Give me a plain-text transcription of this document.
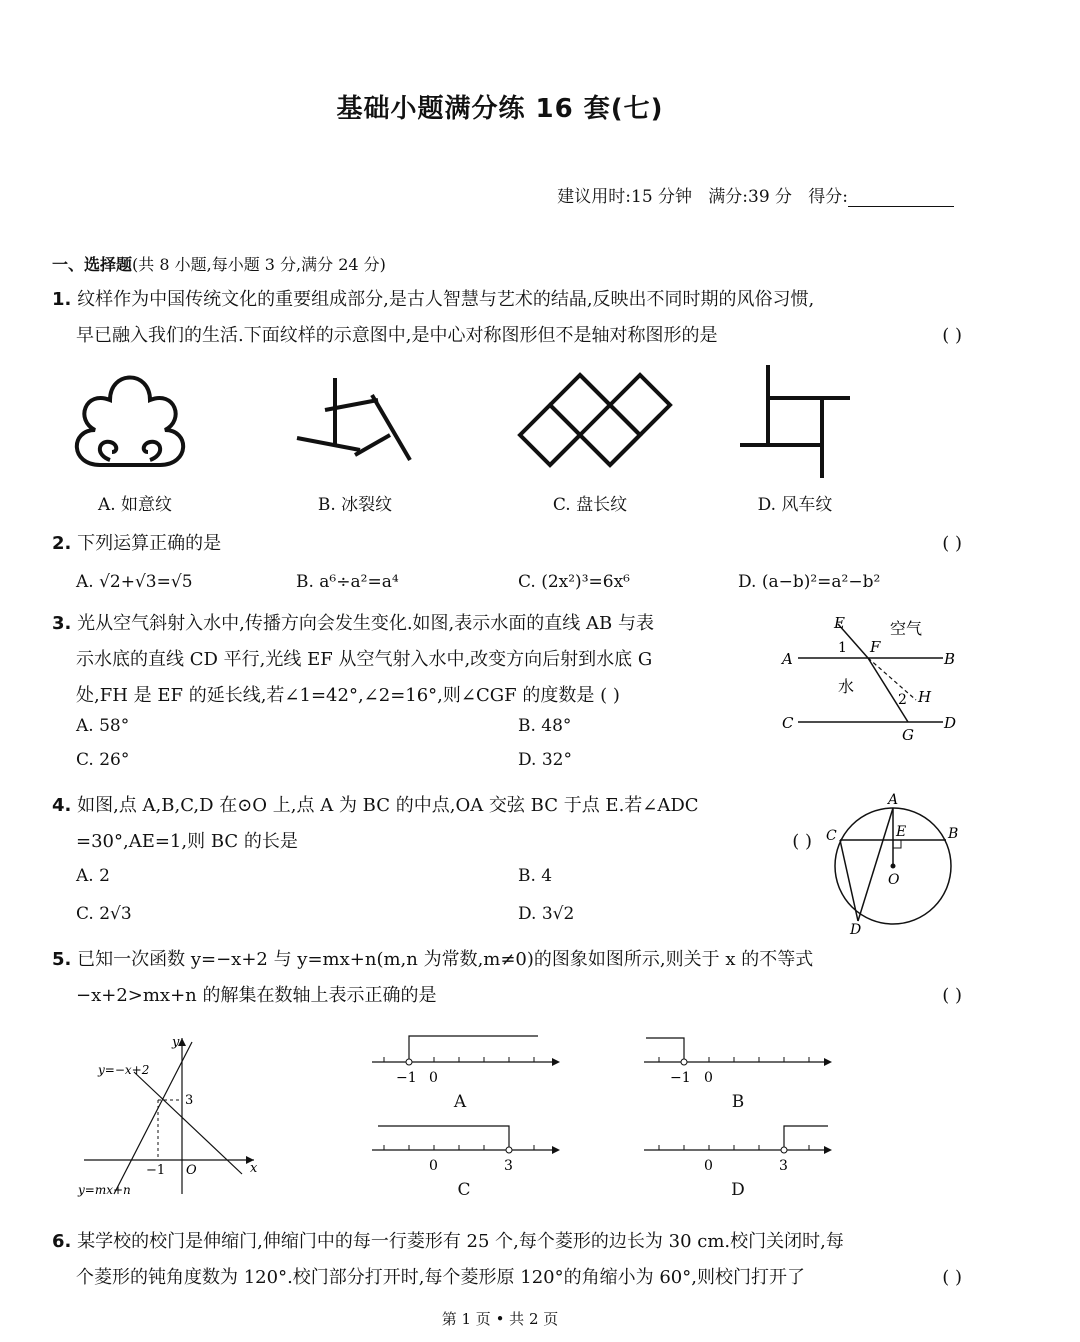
基础小题满分练 16 套(七)
建议用时:15 分钟 满分:39 分 得分:
一、选择题(共 8 小题,每小题 3 分,满分 24 分)
1. 纹样作为中国传统文化的重要组成部分,是古人智慧与艺术的结晶,反映出不同时期的风俗习惯,
早已融入我们的生活.下面纹样的示意图中,是中心对称图形但不是轴对称图形的是	( )
A. 如意纹	B. 冰裂纹	C. 盘长纹	D. 风车纹
2. 下列运算正确的是	( )
A. √2+√3=√5	B. a⁶÷a²=a⁴	C. (2x²)³=6x⁶	D. (a−b)²=a²−b²
3. 光从空气斜射入水中,传播方向会发生变化.如图,表示水面的直线 AB 与表
示水底的直线 CD 平行,光线 EF 从空气射入水中,改变方向后射到水底 G
处,FH 是 EF 的延长线,若∠1=42°,∠2=16°,则∠CGF 的度数是 ( )
A. 58°	B. 48°
C. 26°	D. 32°
E
F
A	B
C	D
G
H
1
2
空气
水
4. 如图,点 A,B,C,D 在⊙O 上,点 A 为 BC 的中点,OA 交弦 BC 于点 E.若∠ADC
=30°,AE=1,则 BC 的长是	( )
A. 2	B. 4
C. 2√3	D. 3√2
A
B
C
D
E
O
5. 已知一次函数 y=−x+2 与 y=mx+n(m,n 为常数,m≠0)的图象如图所示,则关于 x 的不等式
−x+2>mx+n 的解集在数轴上表示正确的是	( )
y
x
O
3
−1
y=−x+2
y=mx+n
−1 0
A
−1 0
B
0	3
C
0	3
D
6. 某学校的校门是伸缩门,伸缩门中的每一行菱形有 25 个,每个菱形的边长为 30 cm.校门关闭时,每
个菱形的钝角度数为 120°.校门部分打开时,每个菱形原 120°的角缩小为 60°,则校门打开了	( )
第 1 页 • 共 2 页
